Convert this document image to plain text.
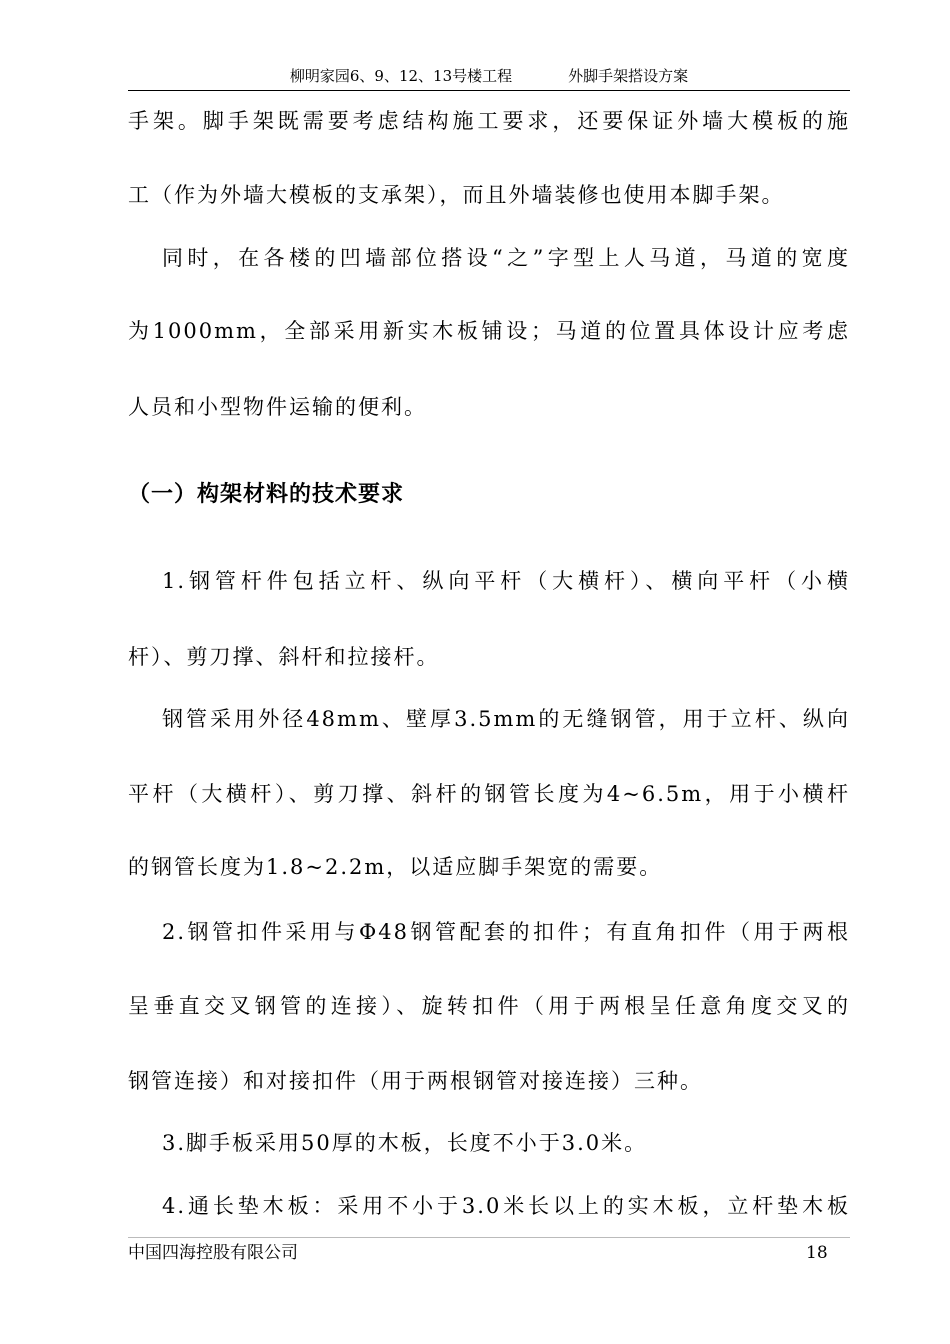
柳明家园6、9、12、13号楼工程	外脚手架搭设方案
手架。脚手架既需要考虑结构施工要求，还要保证外墙大模板的施
工（作为外墙大模板的支承架），而且外墙装修也使用本脚手架。
同时，在各楼的凹墙部位搭设“之”字型上人马道，马道的宽度
为1000mm，全部采用新实木板铺设；马道的位置具体设计应考虑
人员和小型物件运输的便利。
（一）构架材料的技术要求
1.钢管杆件包括立杆、纵向平杆（大横杆）、横向平杆（小横
杆）、剪刀撑、斜杆和拉接杆。
钢管采用外径48mm、壁厚3.5mm的无缝钢管，用于立杆、纵向
平杆（大横杆）、剪刀撑、斜杆的钢管长度为4~6.5m，用于小横杆
的钢管长度为1.8~2.2m，以适应脚手架宽的需要。
2.钢管扣件采用与Φ48钢管配套的扣件；有直角扣件（用于两根
呈垂直交叉钢管的连接）、旋转扣件（用于两根呈任意角度交叉的
钢管连接）和对接扣件（用于两根钢管对接连接）三种。
3.脚手板采用50厚的木板，长度不小于3.0米。
4.通长垫木板：采用不小于3.0米长以上的实木板，立杆垫木板
中国四海控股有限公司	18
